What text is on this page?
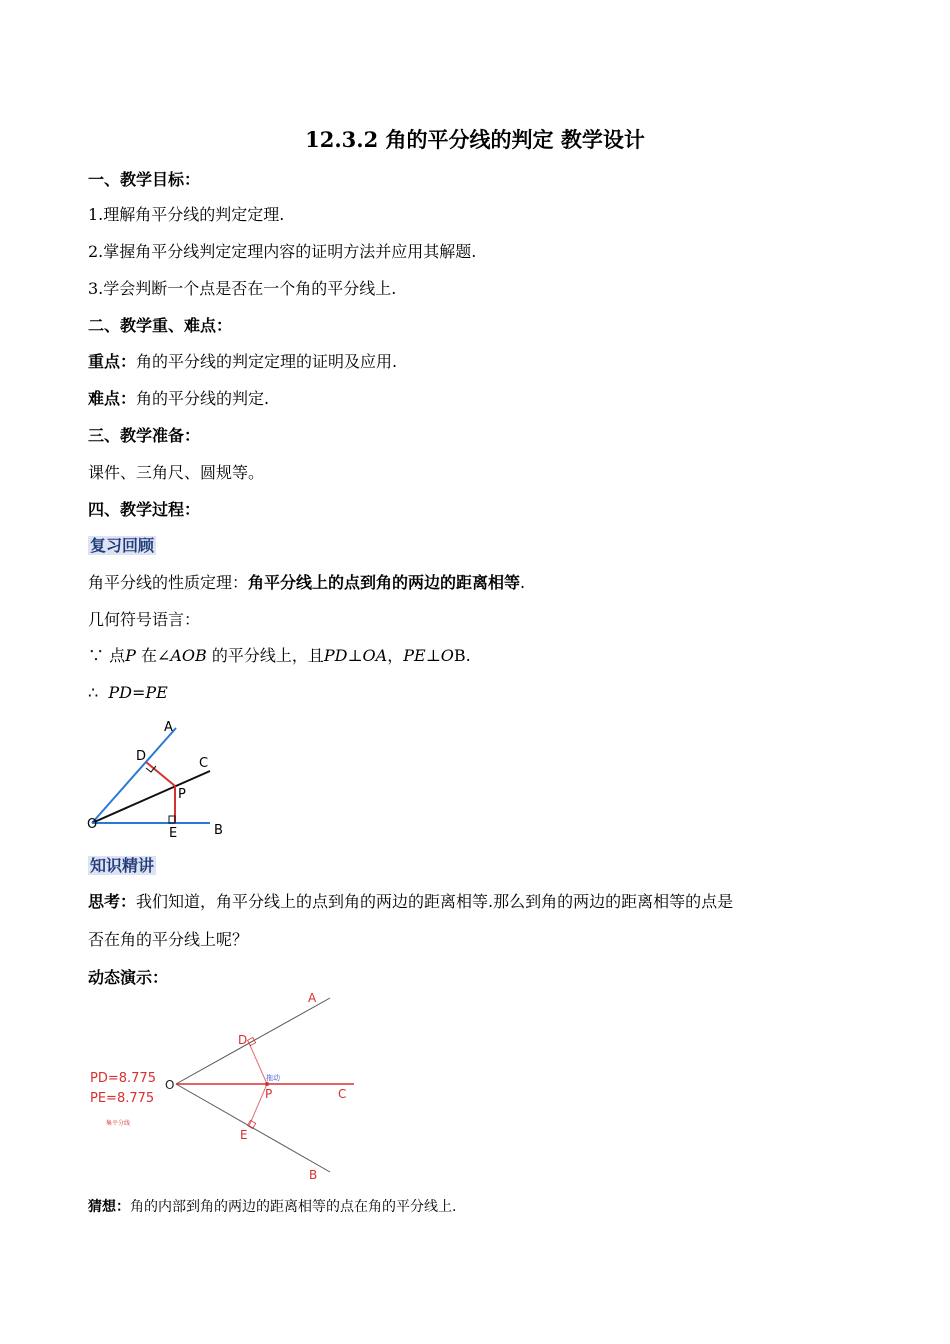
12.3.2 角的平分线的判定 教学设计
一、教学目标：
1.理解角平分线的判定定理.
2.掌握角平分线判定定理内容的证明方法并应用其解题.
3.学会判断一个点是否在一个角的平分线上.
二、教学重、难点：
重点：角的平分线的判定定理的证明及应用.
难点：角的平分线的判定.
三、教学准备：
课件、三角尺、圆规等。
四、教学过程：
复习回顾
角平分线的性质定理：角平分线上的点到角的两边的距离相等.
几何符号语言：
∵ 点P 在∠AOB 的平分线上，且PD⊥OA，PE⊥OB.
∴ PD=PE
A
D	C
P
O
E	B
知识精讲
思考：我们知道，角平分线上的点到角的两边的距离相等.那么到角的两边的距离相等的点是
否在角的平分线上呢？
动态演示：
A
D
O	拖动
P	C
E
B
PD=8.775
PE=8.775
集平分线
猜想：角的内部到角的两边的距离相等的点在角的平分线上.
